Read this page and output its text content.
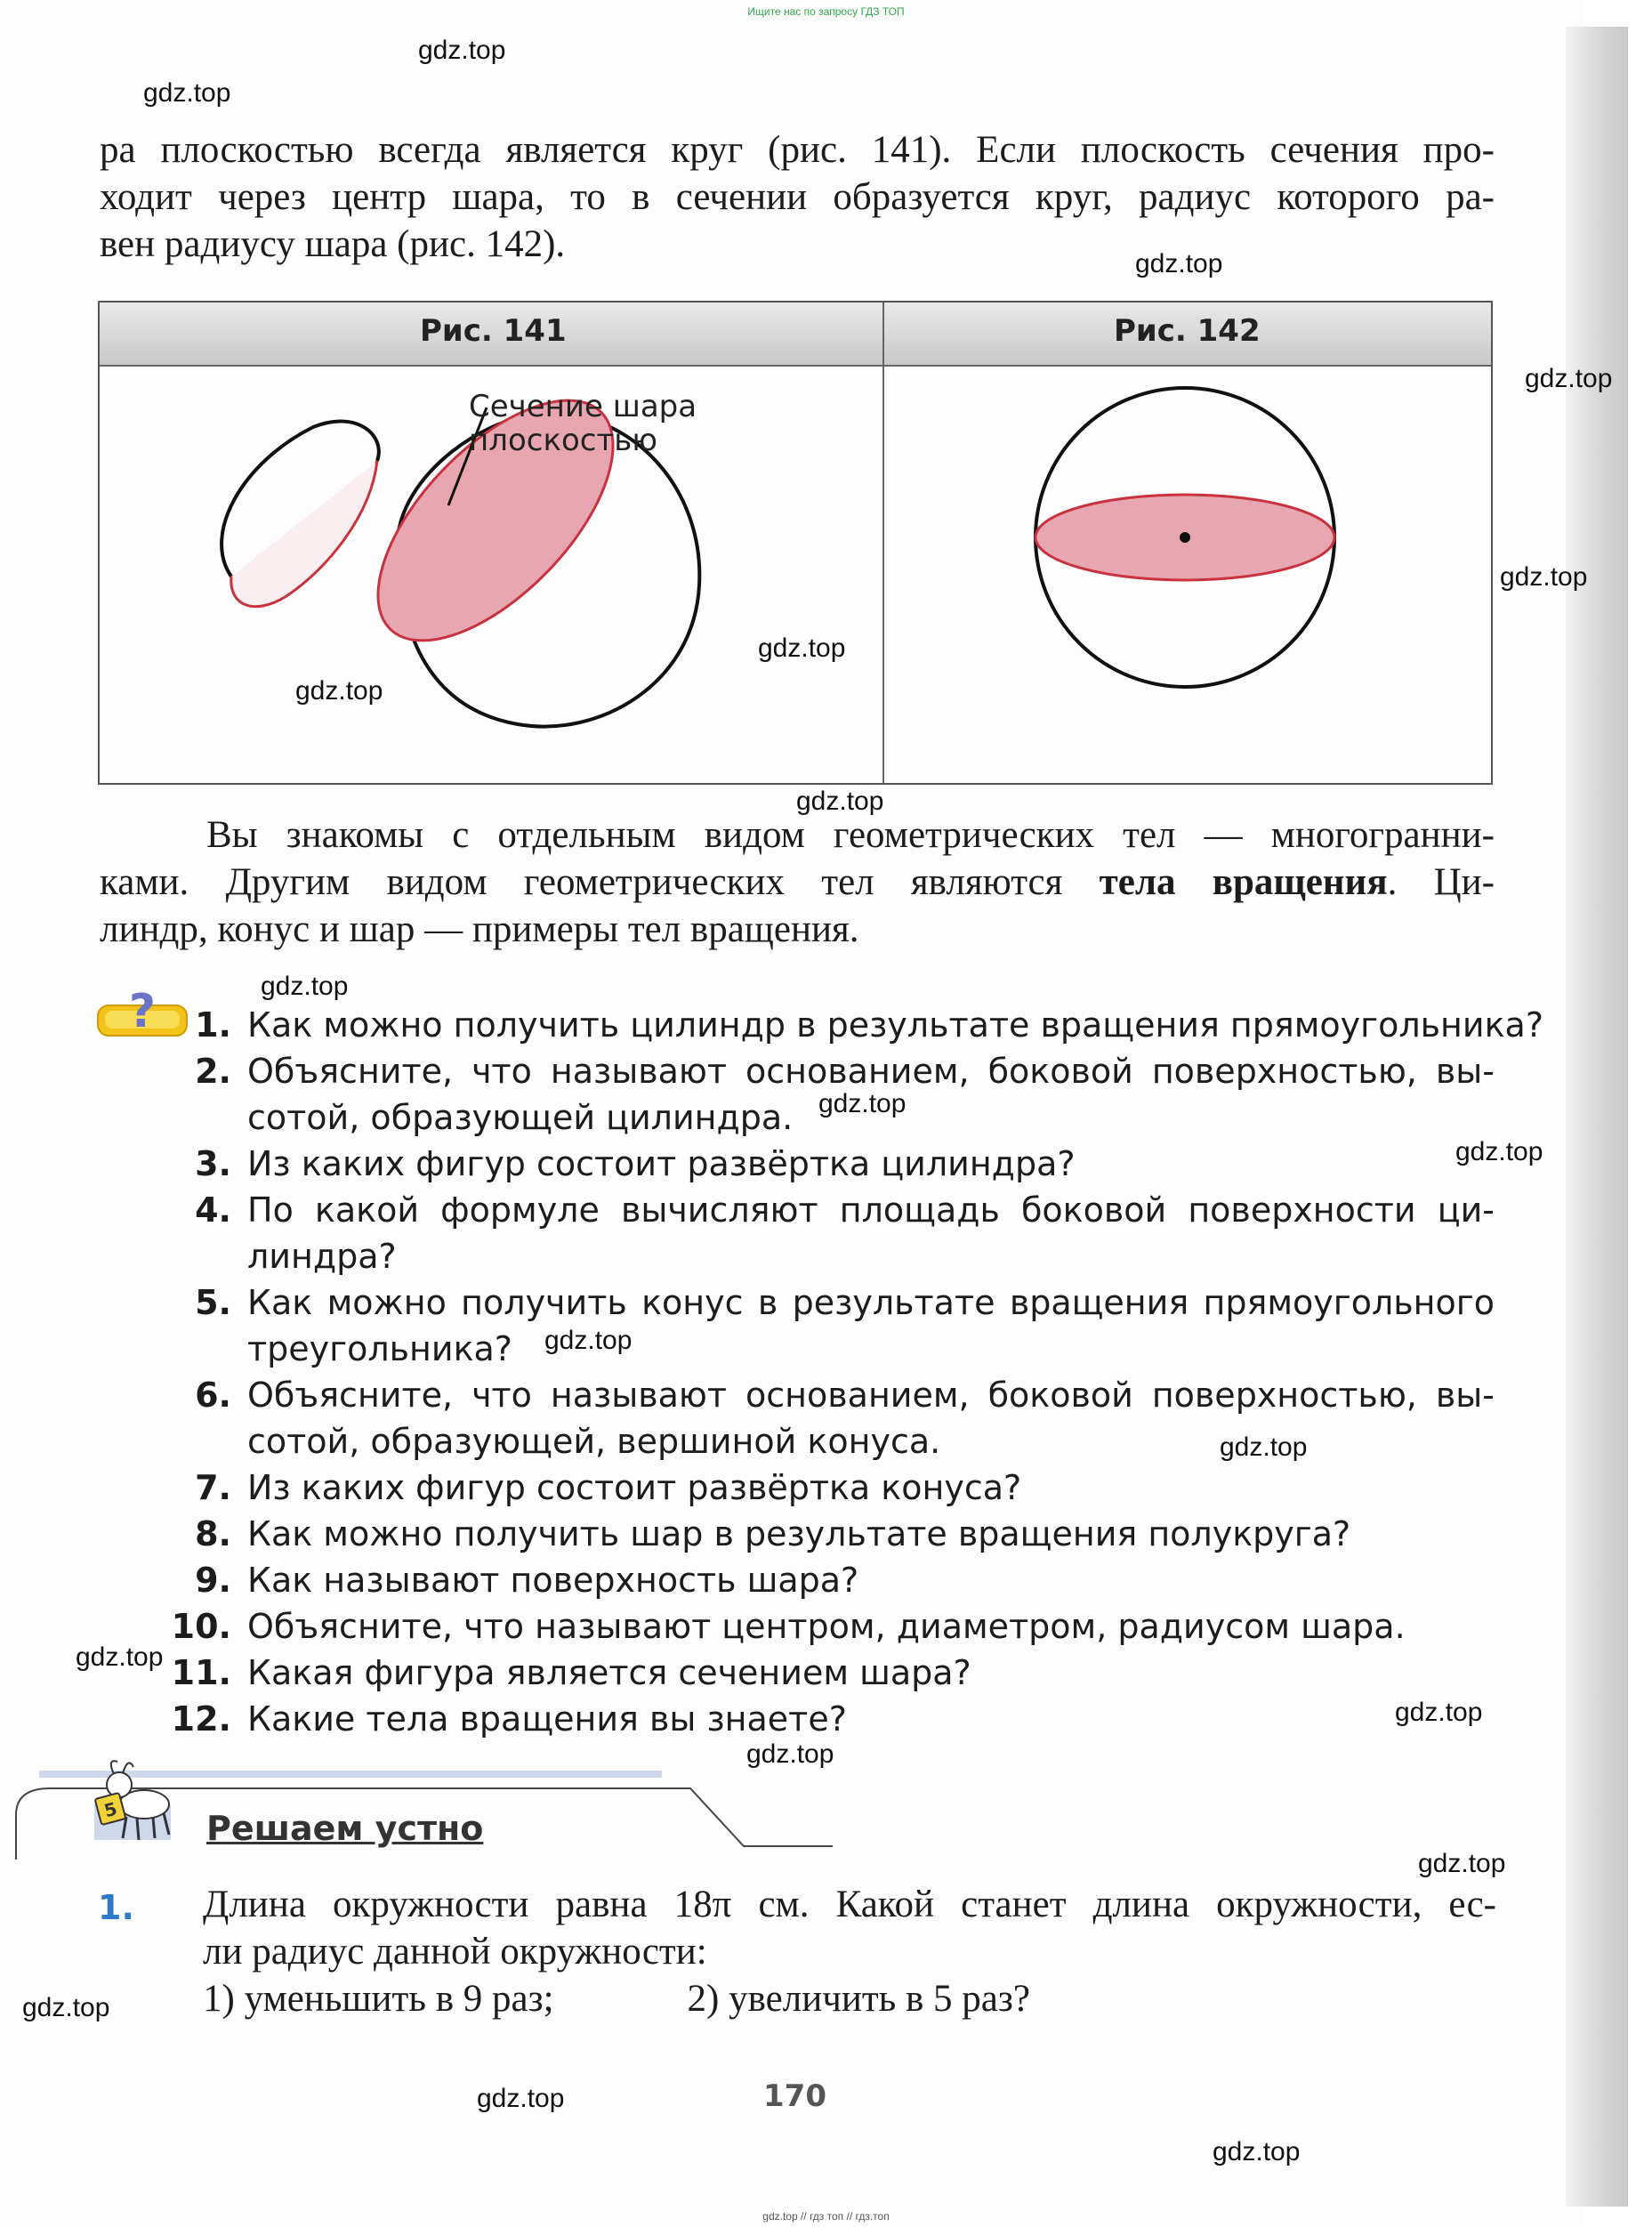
Ищите нас по запросу ГДЗ ТОП
gdz.top
gdz.top
gdz.top
gdz.top
gdz.top
gdz.top
gdz.top
gdz.top
gdz.top
gdz.top
gdz.top
gdz.top
gdz.top
gdz.top
gdz.top
gdz.top
gdz.top
gdz.top
gdz.top
gdz.top
ра плоскостью всегда является круг (рис. 141). Если плоскость сечения про-
ходит через центр шара, то в сечении образуется круг, радиус которого ра-
вен радиусу шара (рис. 142).
Рис. 141	Рис. 142
Сечение шара
плоскостью
Вы знакомы с отдельным видом геометрических тел — многогранни-
ками. Другим видом геометрических тел являются тела вращения. Ци-
линдр, конус и шар — примеры тел вращения.
?	1. Как можно получить цилиндр в результате вращения прямоугольника?
2. Объясните, что называют основанием, боковой поверхностью, вы-
сотой, образующей цилиндра.
3. Из каких фигур состоит развёртка цилиндра?
4. По какой формуле вычисляют площадь боковой поверхности ци-
линдра?
5. Как можно получить конус в результате вращения прямоугольного
треугольника?
6. Объясните, что называют основанием, боковой поверхностью, вы-
сотой, образующей, вершиной конуса.
7. Из каких фигур состоит развёртка конуса?
8. Как можно получить шар в результате вращения полукруга?
9. Как называют поверхность шара?
10. Объясните, что называют центром, диаметром, радиусом шара.
11. Какая фигура является сечением шара?
12. Какие тела вращения вы знаете?
5	Решаем устно
1. Длина окружности равна 18π см. Какой станет длина окружности, ес-
ли радиус данной окружности:
1) уменьшить в 9 раз;	2) увеличить в 5 раз?
170
gdz.top // гдз топ // гдз.топ
